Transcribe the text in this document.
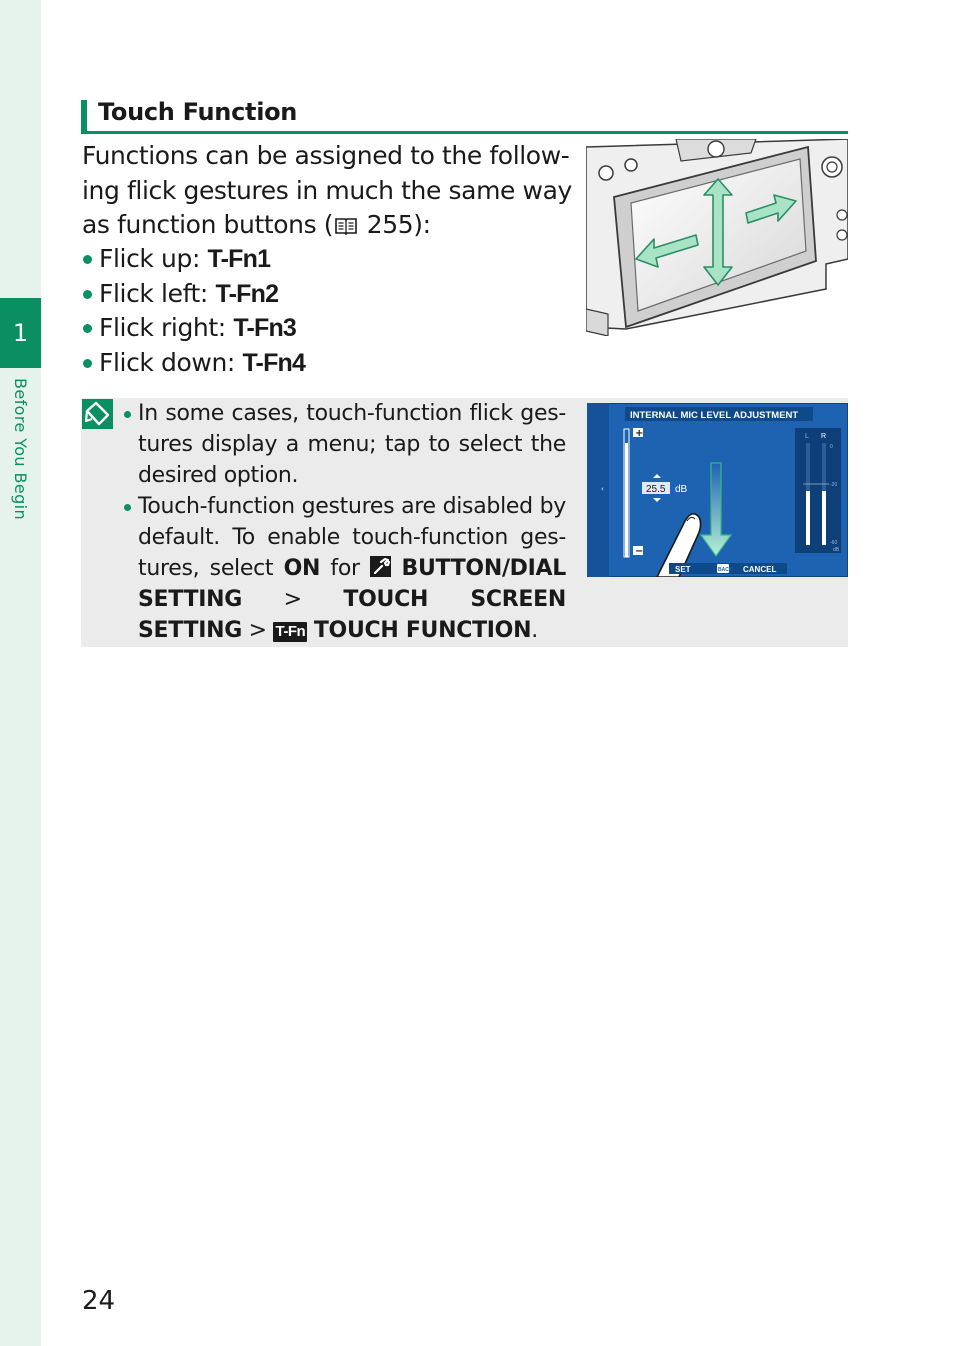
1
Before You Begin
Touch Function

Functions can be assigned to the follow-ing flick gestures in much the same way as function buttons ( 255):

Flick up: T-Fn1
Flick left: T-Fn2
Flick right: T-Fn3
Flick down: T-Fn4
In some cases, touch-function flick ges-tures display a menu; tap to select the desired option.
Touch-function gestures are disabled by default. To enable touch-function ges-tures, select ON for
BUTTON/DIAL SETTING > TOUCH SCREEN SETTING > T-Fn TOUCH FUNCTION.
‹
INTERNAL MIC LEVEL ADJUSTMENT
+
−
25.5 dB
L R
0
-20
-60
dB
SET	BACK CANCEL
24
